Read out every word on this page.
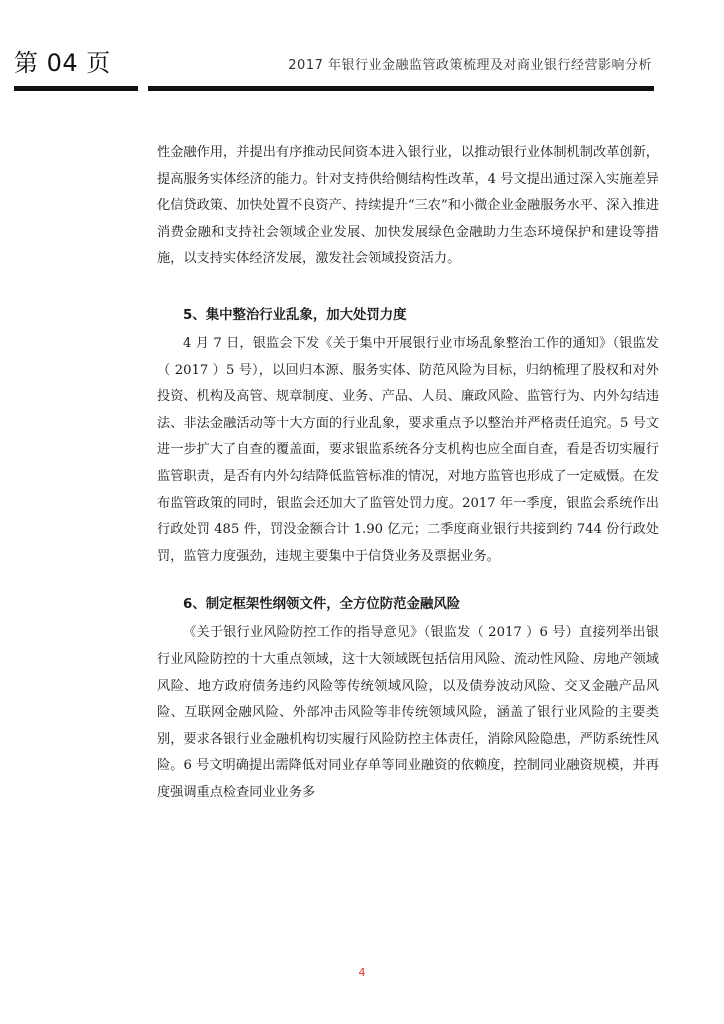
第 04 页	2017 年银行业金融监管政策梳理及对商业银行经营影响分析

性金融作用，并提出有序推动民间资本进入银行业，以推动银行业体制机制改革创新，提高服务实体经济的能力。针对支持供给侧结构性改革，4 号文提出通过深入实施差异化信贷政策、加快处置不良资产、持续提升“三农”和小微企业金融服务水平、深入推进消费金融和支持社会领域企业发展、加快发展绿色金融助力生态环境保护和建设等措施，以支持实体经济发展，激发社会领域投资活力。

5、集中整治行业乱象，加大处罚力度

4 月 7 日，银监会下发《关于集中开展银行业市场乱象整治工作的通知》（银监发（ 2017 ）5 号），以回归本源、服务实体、防范风险为目标，归纳梳理了股权和对外投资、机构及高管、规章制度、业务、产品、人员、廉政风险、监管行为、内外勾结违法、非法金融活动等十大方面的行业乱象，要求重点予以整治并严格责任追究。5 号文进一步扩大了自查的覆盖面，要求银监系统各分支机构也应全面自查，看是否切实履行监管职责，是否有内外勾结降低监管标准的情况，对地方监管也形成了一定威慑。在发布监管政策的同时，银监会还加大了监管处罚力度。2017 年一季度，银监会系统作出行政处罚 485 件，罚没金额合计 1.90 亿元；二季度商业银行共接到约 744 份行政处罚，监管力度强劲，违规主要集中于信贷业务及票据业务。

6、制定框架性纲领文件，全方位防范金融风险

《关于银行业风险防控工作的指导意见》（银监发（ 2017 ）6 号）直接列举出银行业风险防控的十大重点领域，这十大领域既包括信用风险、流动性风险、房地产领域风险、地方政府债务违约风险等传统领域风险，以及债券波动风险、交叉金融产品风险、互联网金融风险、外部冲击风险等非传统领域风险，涵盖了银行业风险的主要类别，要求各银行业金融机构切实履行风险防控主体责任，消除风险隐患，严防系统性风险。6 号文明确提出需降低对同业存单等同业融资的依赖度，控制同业融资规模，并再度强调重点检查同业业务多

4
